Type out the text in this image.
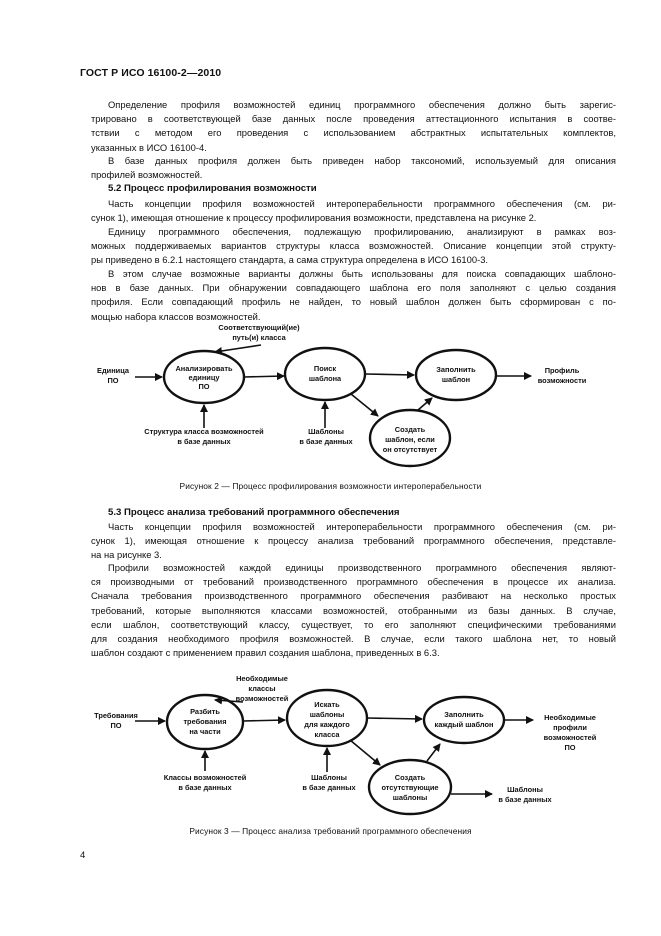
ГОСТ Р ИСО 16100-2—2010
Определение профиля возможностей единиц программного обеспечения должно быть зарегис-
трировано в соответствующей базе данных после проведения аттестационного испытания в соотве-
тствии с методом его проведения с использованием абстрактных испытательных комплектов,
указанных в ИСО 16100-4.
В базе данных профиля должен быть приведен набор таксономий, используемый для описания
профилей возможностей.
5.2 Процесс профилирования возможности
Часть концепции профиля возможностей интероперабельности программного обеспечения (см. ри-
сунок 1), имеющая отношение к процессу профилирования возможности, представлена на рисунке 2.
Единицу программного обеспечения, подлежащую профилированию, анализируют в рамках воз-
можных поддерживаемых вариантов структуры класса возможностей. Описание концепции этой структу-
ры приведено в 6.2.1 настоящего стандарта, а сама структура определена в ИСО 16100-3.
В этом случае возможные варианты должны быть использованы для поиска совпадающих шаблоно-
нов в базе данных. При обнаружении совпадающего шаблона его поля заполняют с целью создания
профиля. Если совпадающий профиль не найден, то новый шаблон должен быть сформирован с по-
мощью набора классов возможностей.
Соответствующий(ие)
путь(и) класса
Единица
ПО
Анализировать
единицу
ПО
Поиск
шаблона
Заполнить
шаблон
Создать
шаблон, если
он отсутствует
Профиль
возможности
Структура класса возможностей
в базе данных
Шаблоны
в базе данных
Рисунок 2 — Процесс профилирования возможности интероперабельности
5.3 Процесс анализа требований программного обеспечения
Часть концепции профиля возможностей интероперабельности программного обеспечения (см. ри-
сунок 1), имеющая отношение к процессу анализа требований программного обеспечения, представле-
на на рисунке 3.
Профили возможностей каждой единицы производственного программного обеспечения являют-
ся производными от требований производственного программного обеспечения в процессе их анализа.
Сначала требования производственного программного обеспечения разбивают на несколько простых
требований, которые выполняются классами возможностей, отобранными из базы данных. В случае,
если шаблон, соответствующий классу, существует, то его заполняют специфическими требованиями
для создания необходимого профиля возможностей. В случае, если такого шаблона нет, то новый
шаблон создают с применением правил создания шаблона, приведенных в 6.3.
Необходимые
классы
возможностей
Требования
ПО
Разбить
требования
на части
Искать
шаблоны
для каждого
класса
Заполнить
каждый шаблон
Создать
отсутствующие
шаблоны
Необходимые
профили
возможностей
ПО
Классы возможностей
в базе данных
Шаблоны
в базе данных	Шаблоны
в базе данных
Рисунок 3 — Процесс анализа требований программного обеспечения
4
